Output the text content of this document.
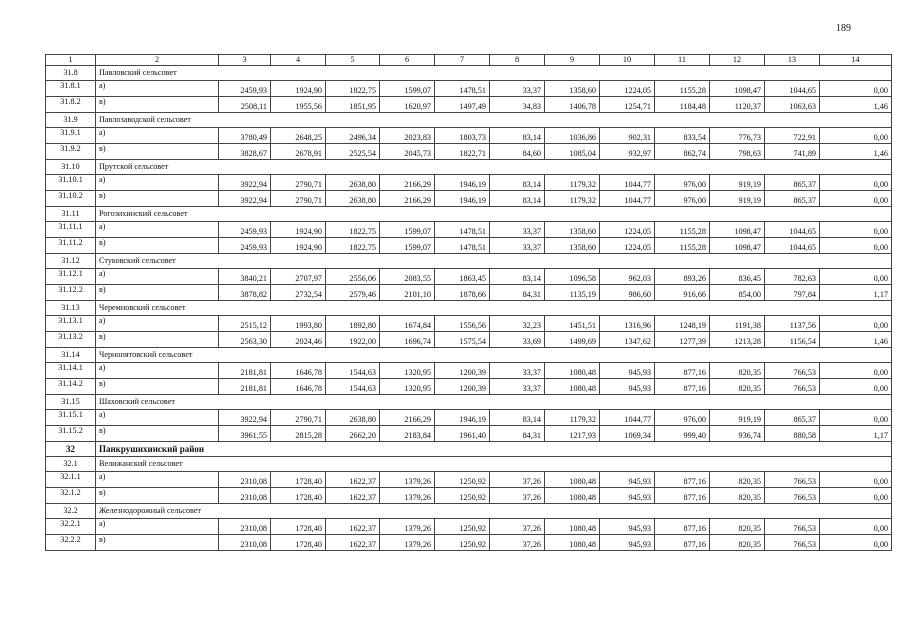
189
1	2	3	4	5	6	7	8	9	10	11	12	13	14
31.8	Павловский сельсовет												
31.8.1	а)	2459,93	1924,90	1822,75	1599,07	1478,51	33,37	1358,60	1224,05	1155,28	1098,47	1044,65	0,00
31.8.2	в)	2508,11	1955,56	1851,95	1620,97	1497,49	34,83	1406,78	1254,71	1184,48	1120,37	1063,63	1,46
31.9	Павлозаводской сельсовет												
31.9.1	а)	3780,49	2648,25	2496,34	2023,83	1803,73	83,14	1036,86	902,31	833,54	776,73	722,91	0,00
31.9.2	в)	3828,67	2678,91	2525,54	2045,73	1822,71	84,60	1085,04	932,97	862,74	798,63	741,89	1,46
31.10	Прутской сельсовет												
31.10.1	а)	3922,94	2790,71	2638,80	2166,29	1946,19	83,14	1179,32	1044,77	976,00	919,19	865,37	0,00
31.10.2	в)	3922,94	2790,71	2638,80	2166,29	1946,19	83,14	1179,32	1044,77	976,00	919,19	865,37	0,00
31.11	Рогозихинский сельсовет												
31.11.1	а)	2459,93	1924,90	1822,75	1599,07	1478,51	33,37	1358,60	1224,05	1155,28	1098,47	1044,65	0,00
31.11.2	в)	2459,93	1924,90	1822,75	1599,07	1478,51	33,37	1358,60	1224,05	1155,28	1098,47	1044,65	0,00
31.12	Стуковский сельсовет												
31.12.1	а)	3840,21	2707,97	2556,06	2083,55	1863,45	83,14	1096,58	962,03	893,26	836,45	782,63	0,00
31.12.2	в)	3878,82	2732,54	2579,46	2101,10	1878,66	84,31	1135,19	986,60	916,66	854,00	797,84	1,17
31.13	Черемновский сельсовет												
31.13.1	а)	2515,12	1993,80	1892,80	1674,84	1556,56	32,23	1451,51	1316,96	1248,19	1191,38	1137,56	0,00
31.13.2	в)	2563,30	2024,46	1922,00	1696,74	1575,54	33,69	1499,69	1347,62	1277,39	1213,28	1156,54	1,46
31.14	Чернопятовский сельсовет												
31.14.1	а)	2181,81	1646,78	1544,63	1320,95	1200,39	33,37	1080,48	945,93	877,16	820,35	766,53	0,00
31.14.2	в)	2181,81	1646,78	1544,63	1320,95	1200,39	33,37	1080,48	945,93	877,16	820,35	766,53	0,00
31.15	Шаховский сельсовет												
31.15.1	а)	3922,94	2790,71	2638,80	2166,29	1946,19	83,14	1179,32	1044,77	976,00	919,19	865,37	0,00
31.15.2	в)	3961,55	2815,28	2662,20	2183,84	1961,40	84,31	1217,93	1069,34	999,40	936,74	880,58	1,17
32	Панкрушихинский район												
32.1	Велижанский сельсовет												
32.1.1	а)	2310,08	1728,40	1622,37	1379,26	1250,92	37,26	1080,48	945,93	877,16	820,35	766,53	0,00
32.1.2	в)	2310,08	1728,40	1622,37	1379,26	1250,92	37,26	1080,48	945,93	877,16	820,35	766,53	0,00
32.2	Железнодорожный сельсовет												
32.2.1	а)	2310,08	1728,40	1622,37	1379,26	1250,92	37,26	1080,48	945,93	877,16	820,35	766,53	0,00
32.2.2	в)	2310,08	1728,40	1622,37	1379,26	1250,92	37,26	1080,48	945,93	877,16	820,35	766,53	0,00
